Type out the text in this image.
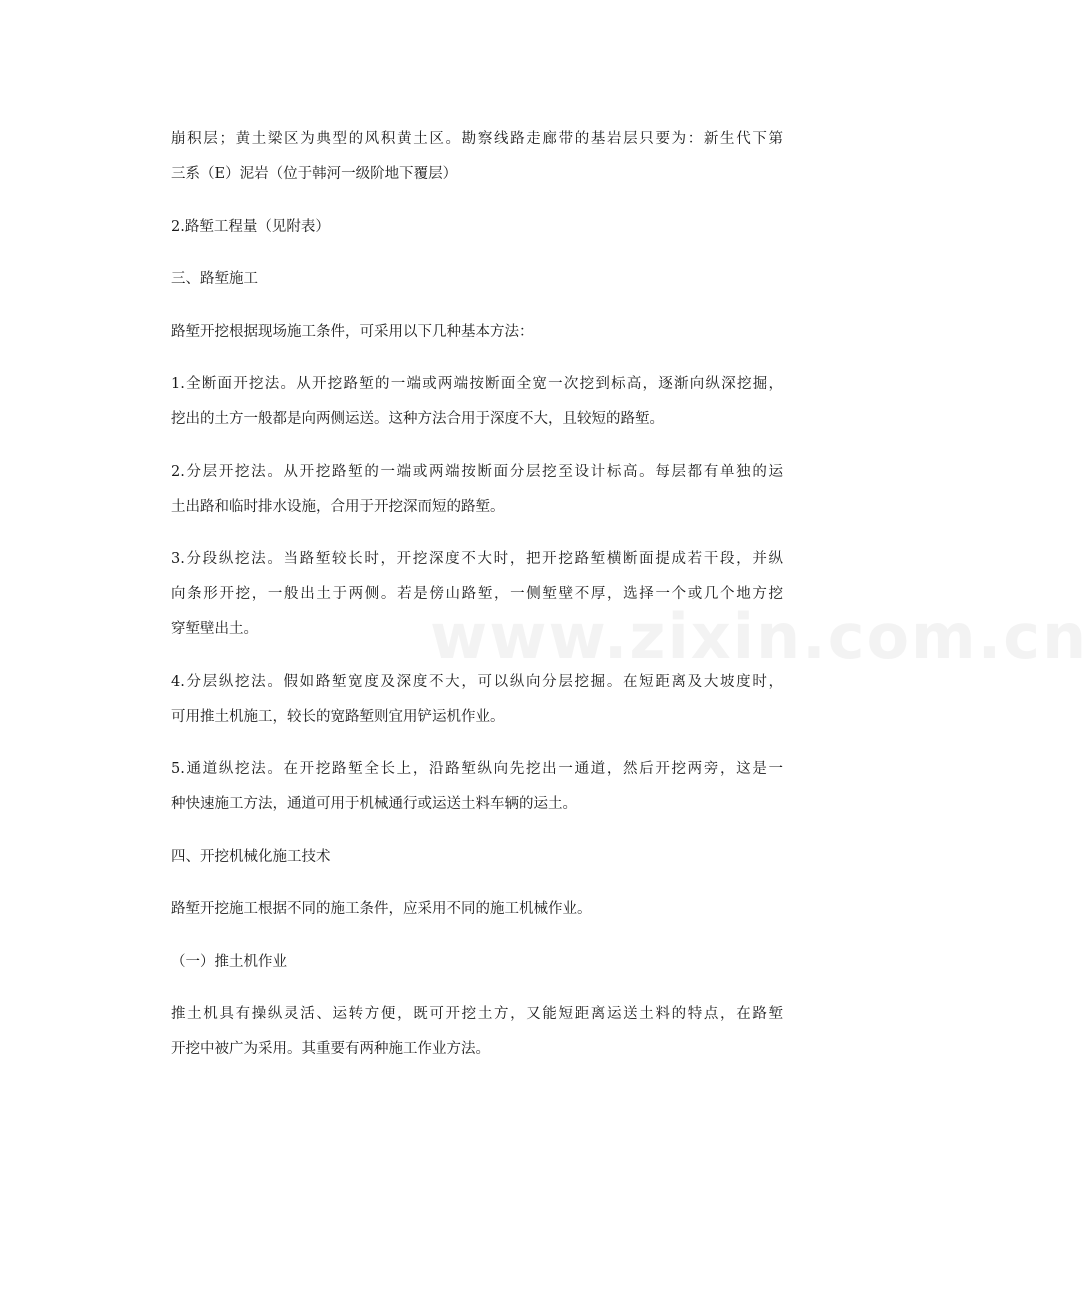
www.zixin.com.cn
崩积层；黄土梁区为典型的风积黄土区。勘察线路走廊带的基岩层只要为：新生代下第
三系（E）泥岩（位于韩河一级阶地下覆层）
2.路堑工程量（见附表）
三、路堑施工
路堑开挖根据现场施工条件，可采用以下几种基本方法：
1.全断面开挖法。从开挖路堑的一端或两端按断面全宽一次挖到标高，逐渐向纵深挖掘，
挖出的土方一般都是向两侧运送。这种方法合用于深度不大，且较短的路堑。
2.分层开挖法。从开挖路堑的一端或两端按断面分层挖至设计标高。每层都有单独的运
土出路和临时排水设施，合用于开挖深而短的路堑。
3.分段纵挖法。当路堑较长时，开挖深度不大时，把开挖路堑横断面提成若干段，并纵
向条形开挖，一般出土于两侧。若是傍山路堑，一侧堑壁不厚，选择一个或几个地方挖
穿堑壁出土。
4.分层纵挖法。假如路堑宽度及深度不大，可以纵向分层挖掘。在短距离及大坡度时，
可用推土机施工，较长的宽路堑则宜用铲运机作业。
5.通道纵挖法。在开挖路堑全长上，沿路堑纵向先挖出一通道，然后开挖两旁，这是一
种快速施工方法，通道可用于机械通行或运送土料车辆的运土。
四、开挖机械化施工技术
路堑开挖施工根据不同的施工条件，应采用不同的施工机械作业。
（一）推土机作业
推土机具有操纵灵活、运转方便，既可开挖土方，又能短距离运送土料的特点，在路堑
开挖中被广为采用。其重要有两种施工作业方法。
